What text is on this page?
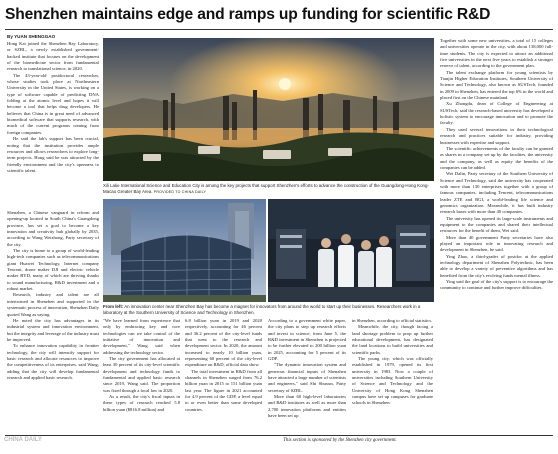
Shenzhen maintains edge and ramps up funding for scientific R&D
By YUAN SHENGGAO

Hong Kai joined the Shenzhen Bay Laboratory, or SZBL, a newly established government-backed institute that focuses on the development of the biomedicine sector from fundamental research to translational science, in 2020.

The 43-year-old postdoctoral researcher, whose studies took place at Northeastern University in the United States, is working on a type of software capable of predicting DNA folding at the atomic level and hopes it will become a tool that helps drug developers. He believes that China is in great need of advanced biomedical software that supports research, with much of the current programs coming from foreign companies.

He said the lab's support has been crucial, noting that the institution provides ample resources and allows researchers to explore long-term projects. Hong said he was attracted by the friendly environment and the city's openness to scientific talent.

Shenzhen, a Chinese vanguard in reform and opening-up located in South China's Guangdong province, has set a goal to become a key innovation and creativity hub globally by 2035, according to Wang Weizhong, Party secretary of the city.

The city is home to a group of world-leading high-tech companies such as telecommunications giant Huawei Technology, Internet company Tencent, drone maker DJI and electric vehicle maker BYD, many of which are thriving thanks to sound manufacturing, R&D investment and a robust market.

Research, industry and talent are all intertwined in Shenzhen and supported in the systematic process of innovation, Shenzhen Daily quoted Wang as saying.

He noted the city has advantages in its industrial system and innovation environment, but the integrity and leverage of the industry must be improved.

To enhance innovation capability in frontier technology, the city will intensify support for basic research and allocate resources to improve the competitiveness of its enterprises, said Wang, adding that the city will develop fundamental research and applied basic research.

Xili Lake International Science and Education City is among the key projects that support Shenzhen's efforts to advance the construction of the Guangdong-Hong Kong-Macao Greater Bay Area. PROVIDED TO CHINA DAILY

Together with some new universities, a total of 15 colleges and universities operate in the city, with about 138,000 full-time students. The city is expected to attract an additional five universities in the next five years to establish a stronger reserve of talent, according to the government plan.

The talent exchange platform for young scientists by Tianjin Higher Education Institutes, Southern University of Science and Technology, also known as SUSTech, founded in 2009 in Shenzhen, has entered the top 6% in the world and placed first on the Chinese mainland.

Xu Zhongdu, dean of College of Engineering at SUSTech, said the research-based university has developed a holistic system to encourage innovation and to promote the faculty.

They used several innovations in their technological research and practices suitable for industry, providing businesses with expertise and support.

The scientific achievements of the faculty can be granted as shares in a company set up by the faculties, the university and the company, as well as equity the benefits of the companies can be added.

Wei Dalin, Party secretary of the Southern University of Science and Technology, said the university has cooperated with more than 130 enterprises together with a group of famous companies, including Tencent, telecommunications leader ZTE and BGI, a world-leading life science and genomics organization. Meanwhile, it has built industry research bases with more than 40 companies.

The university has opened its large-scale instruments and equipment to the companies and shared their intellectual resources for the benefit of them, Wei said.

More than 40 government Party secretaries have also played an important role in innovating research and development in Shenzhen, he said.

Ying Zhao, a third-grader of postdoc at the applied technology department of Shenzhen Polytechnic, has been able to develop a variety of preventive algorithms and has benefited from the city's evolving funds mental illness.

Ying said the goal of the city's support is to encourage the community to continue and further improve difficulties.

From left: An innovation center near Shenzhen Bay has become a magnet for innovators from around the world to start up their businesses. Researchers work in a laboratory at the Southern University of Science and Technology in Shenzhen.

"We have learned from experience that only by embracing key and core technologies can we take control of the initiative of innovation and development," Wang said when addressing the technology sector.

The city government has allocated at least 30 percent of its city-level scientific development and technology funds to fundamental and applied basic research since 2019, Wang said. The proportion was fixed through a local law in 2020.

As a result, the city's fiscal inputs in these types of research reached 5.8 billion yuan ($816.8 million) and

6.8 billion yuan in 2019 and 2020 respectively, accounting for 46 percent and 36.2 percent of the city-level funds that went to the research and development sector. In 2020, the amount increased to nearly 10 billion yuan, representing 60 percent of the city-level expenditure on R&D, official data show.

The total investment in R&D from all channels in Shenzhen surged from 76.2 billion yuan in 2015 to 151 billion yuan last year. The figure in 2021 accounted for 4.9 percent of the GDP, a level equal to or even better than some developed countries.

According to a government white paper, the city plans to step up research efforts and invest in science, from June 5, the R&D investment in Shenzhen is projected to be further elevated to 200 billion yuan in 2025, accounting for 5 percent of its GDP.

"The dynamic innovation system and generous financial inputs of Shenzhen have attracted a large number of scientists and engineers," said Shi Shuxun, Party secretary of SZBL.

More than 60 high-level laboratories and R&D institutes as well as more than 2,700 innovation platforms and entities have been set up

in Shenzhen, according to official statistics.

Meanwhile, the city, though facing a land shortage problem to prop up further educational development, has designated the land locations to build universities and scientific parks.

The young city, which was officially established in 1979, opened its first university in 1983. Now a couple of universities including Southern University of Science and Technology and the University of Hong Kong Shenzhen campus have set up campuses for graduate schools in Shenzhen.

CHINA DAILY	This section is sponsored by the Shenzhen city government.
